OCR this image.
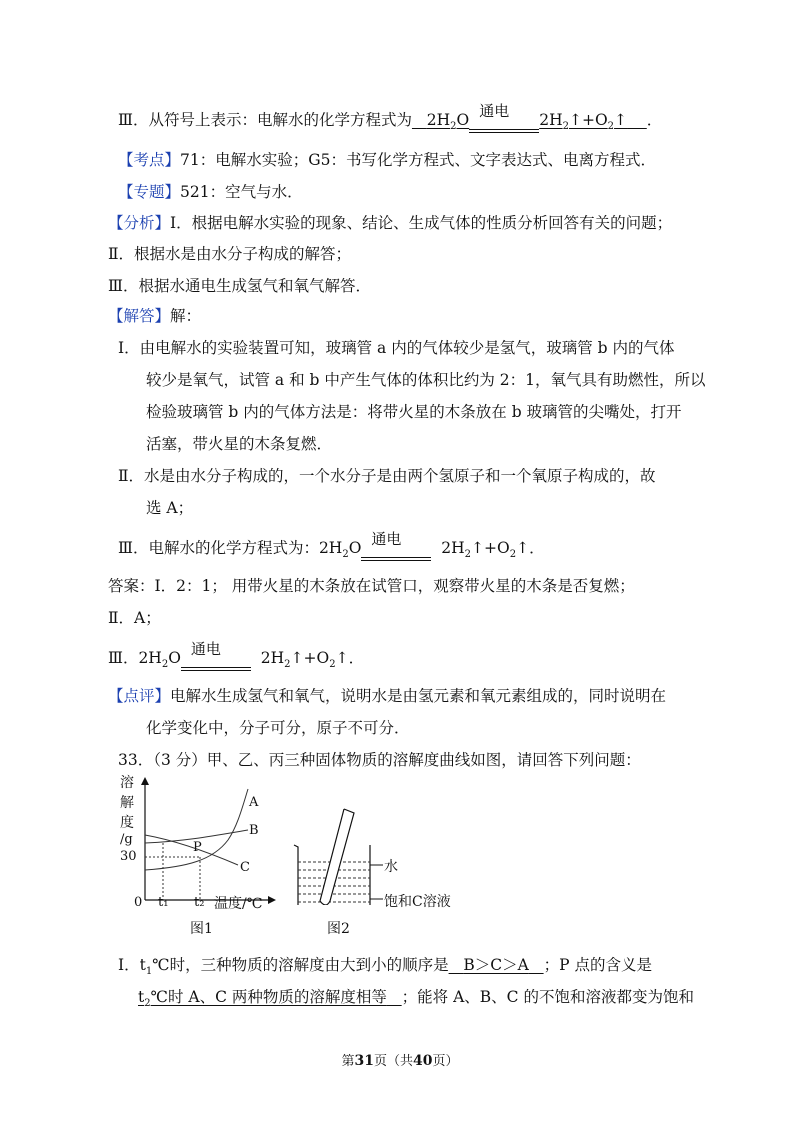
Ⅲ．从符号上表示：电解水的化学方程式为 $2H_2O$ 通电 $2H_2↑+O_2↑$ ．
【考点】71：电解水实验；G5：书写化学方程式、文字表达式、电离方程式．
【专题】521：空气与水．
【分析】Ⅰ．根据电解水实验的现象、结论、生成气体的性质分析回答有关的问题；
Ⅱ．根据水是由水分子构成的解答；
Ⅲ．根据水通电生成氢气和氧气解答．
【解答】解：
Ⅰ．由电解水的实验装置可知，玻璃管 a 内的气体较少是氢气，玻璃管 b 内的气体
较少是氧气，试管 a 和 b 中产生气体的体积比约为 2：1，氧气具有助燃性，所以
检验玻璃管 b 内的气体方法是：将带火星的木条放在 b 玻璃管的尖嘴处，打开
活塞，带火星的木条复燃．
Ⅱ．水是由水分子构成的，一个水分子是由两个氢原子和一个氧原子构成的，故
选 A；
Ⅲ．电解水的化学方程式为：$2H_2O$ 通电	$2H_2↑+O_2↑$．
答案：Ⅰ．2：1； 用带火星的木条放在试管口，观察带火星的木条是否复燃；
Ⅱ．A；
Ⅲ．$2H_2O$ 通电	$2H_2↑+O_2↑$．
【点评】电解水生成氢气和氧气，说明水是由氢元素和氧元素组成的，同时说明在
化学变化中，分子可分，原子不可分．
33．（3 分）甲、乙、丙三种固体物质的溶解度曲线如图，请回答下列问题：
溶
解
度
/g
30
0 t₁ t₂ 温度/℃
A
B
C
P
图1
水
饱和C溶液
图2
Ⅰ．$t_1℃$时，三种物质的溶解度由大到小的顺序是 B＞C＞A ；P 点的含义是
$t_2℃$时 A、C 两种物质的溶解度相等 ；能将 A、B、C 的不饱和溶液都变为饱和
第31页（共40页）
